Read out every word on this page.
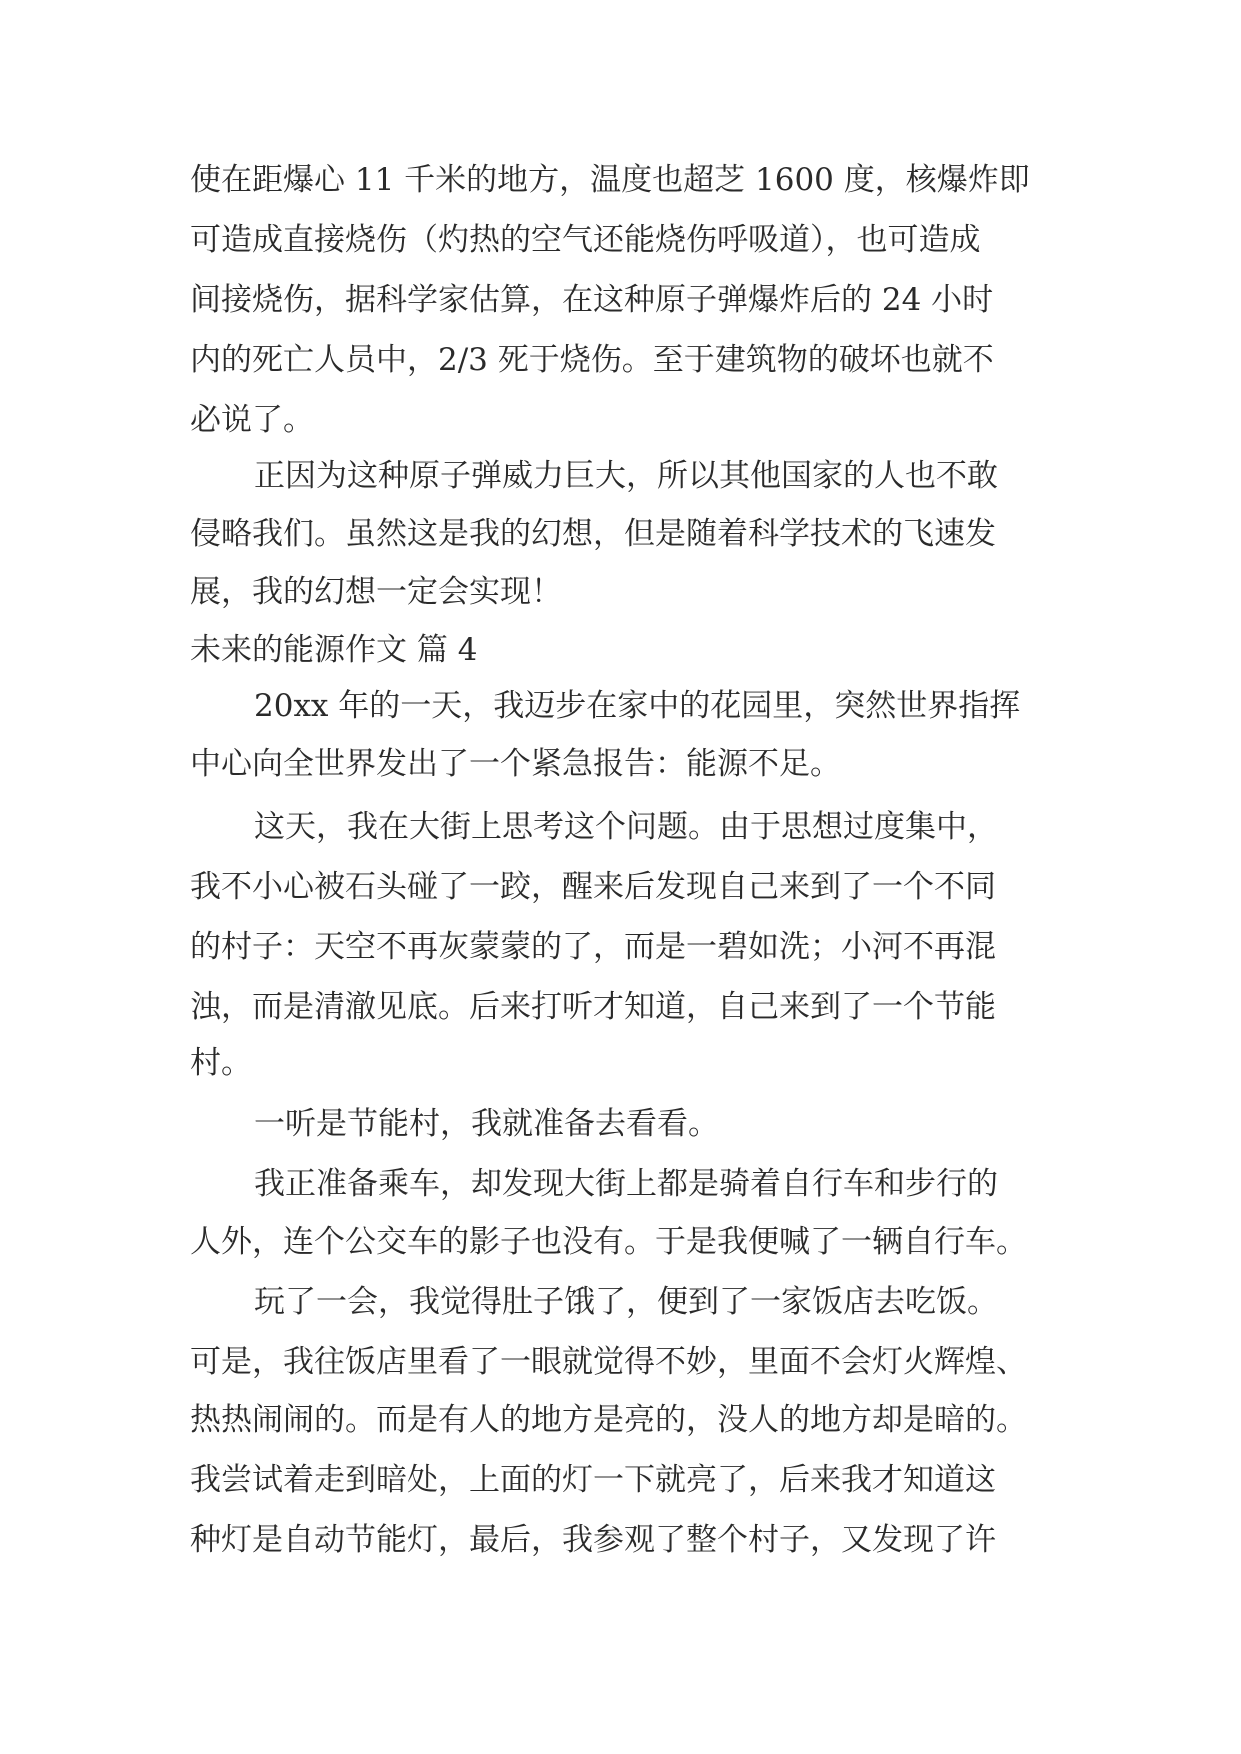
使在距爆心 11 千米的地方，温度也超芝 1600 度，核爆炸即
可造成直接烧伤（灼热的空气还能烧伤呼吸道），也可造成
间接烧伤，据科学家估算，在这种原子弹爆炸后的 24 小时
内的死亡人员中，2/3 死于烧伤。至于建筑物的破坏也就不
必说了。
正因为这种原子弹威力巨大，所以其他国家的人也不敢
侵略我们。虽然这是我的幻想，但是随着科学技术的飞速发
展，我的幻想一定会实现！
未来的能源作文 篇 4
20xx 年的一天，我迈步在家中的花园里，突然世界指挥
中心向全世界发出了一个紧急报告：能源不足。
这天，我在大街上思考这个问题。由于思想过度集中，
我不小心被石头碰了一跤，醒来后发现自己来到了一个不同
的村子：天空不再灰蒙蒙的了，而是一碧如洗；小河不再混
浊，而是清澈见底。后来打听才知道，自己来到了一个节能
村。
一听是节能村，我就准备去看看。
我正准备乘车，却发现大街上都是骑着自行车和步行的
人外，连个公交车的影子也没有。于是我便喊了一辆自行车。
玩了一会，我觉得肚子饿了，便到了一家饭店去吃饭。
可是，我往饭店里看了一眼就觉得不妙，里面不会灯火辉煌、
热热闹闹的。而是有人的地方是亮的，没人的地方却是暗的。
我尝试着走到暗处，上面的灯一下就亮了，后来我才知道这
种灯是自动节能灯，最后，我参观了整个村子，又发现了许
